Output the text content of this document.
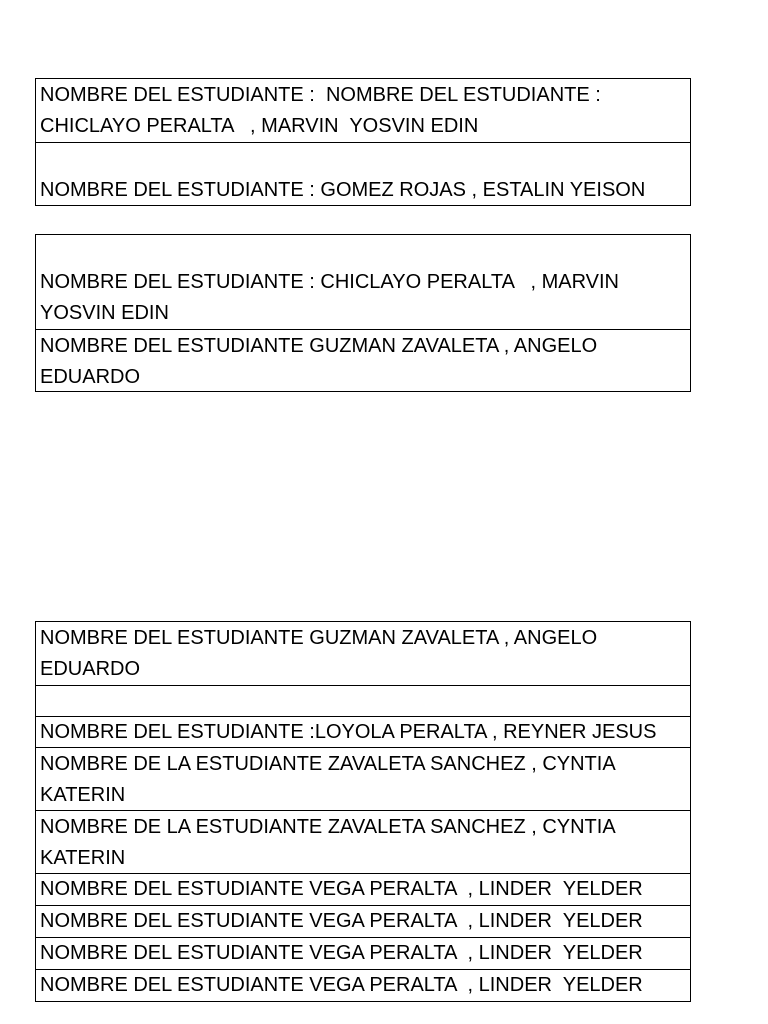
NOMBRE DEL ESTUDIANTE :  NOMBRE DEL ESTUDIANTE :
CHICLAYO PERALTA   , MARVIN  YOSVIN EDIN

NOMBRE DEL ESTUDIANTE : GOMEZ ROJAS , ESTALIN YEISON

NOMBRE DEL ESTUDIANTE : CHICLAYO PERALTA   , MARVIN
YOSVIN EDIN
NOMBRE DEL ESTUDIANTE GUZMAN ZAVALETA , ANGELO
EDUARDO
NOMBRE DEL ESTUDIANTE GUZMAN ZAVALETA , ANGELO
EDUARDO
NOMBRE DEL ESTUDIANTE :LOYOLA PERALTA , REYNER JESUS
NOMBRE DE LA ESTUDIANTE ZAVALETA SANCHEZ , CYNTIA
KATERIN
NOMBRE DE LA ESTUDIANTE ZAVALETA SANCHEZ , CYNTIA
KATERIN
NOMBRE DEL ESTUDIANTE VEGA PERALTA  , LINDER  YELDER
NOMBRE DEL ESTUDIANTE VEGA PERALTA  , LINDER  YELDER
NOMBRE DEL ESTUDIANTE VEGA PERALTA  , LINDER  YELDER
NOMBRE DEL ESTUDIANTE VEGA PERALTA  , LINDER  YELDER
